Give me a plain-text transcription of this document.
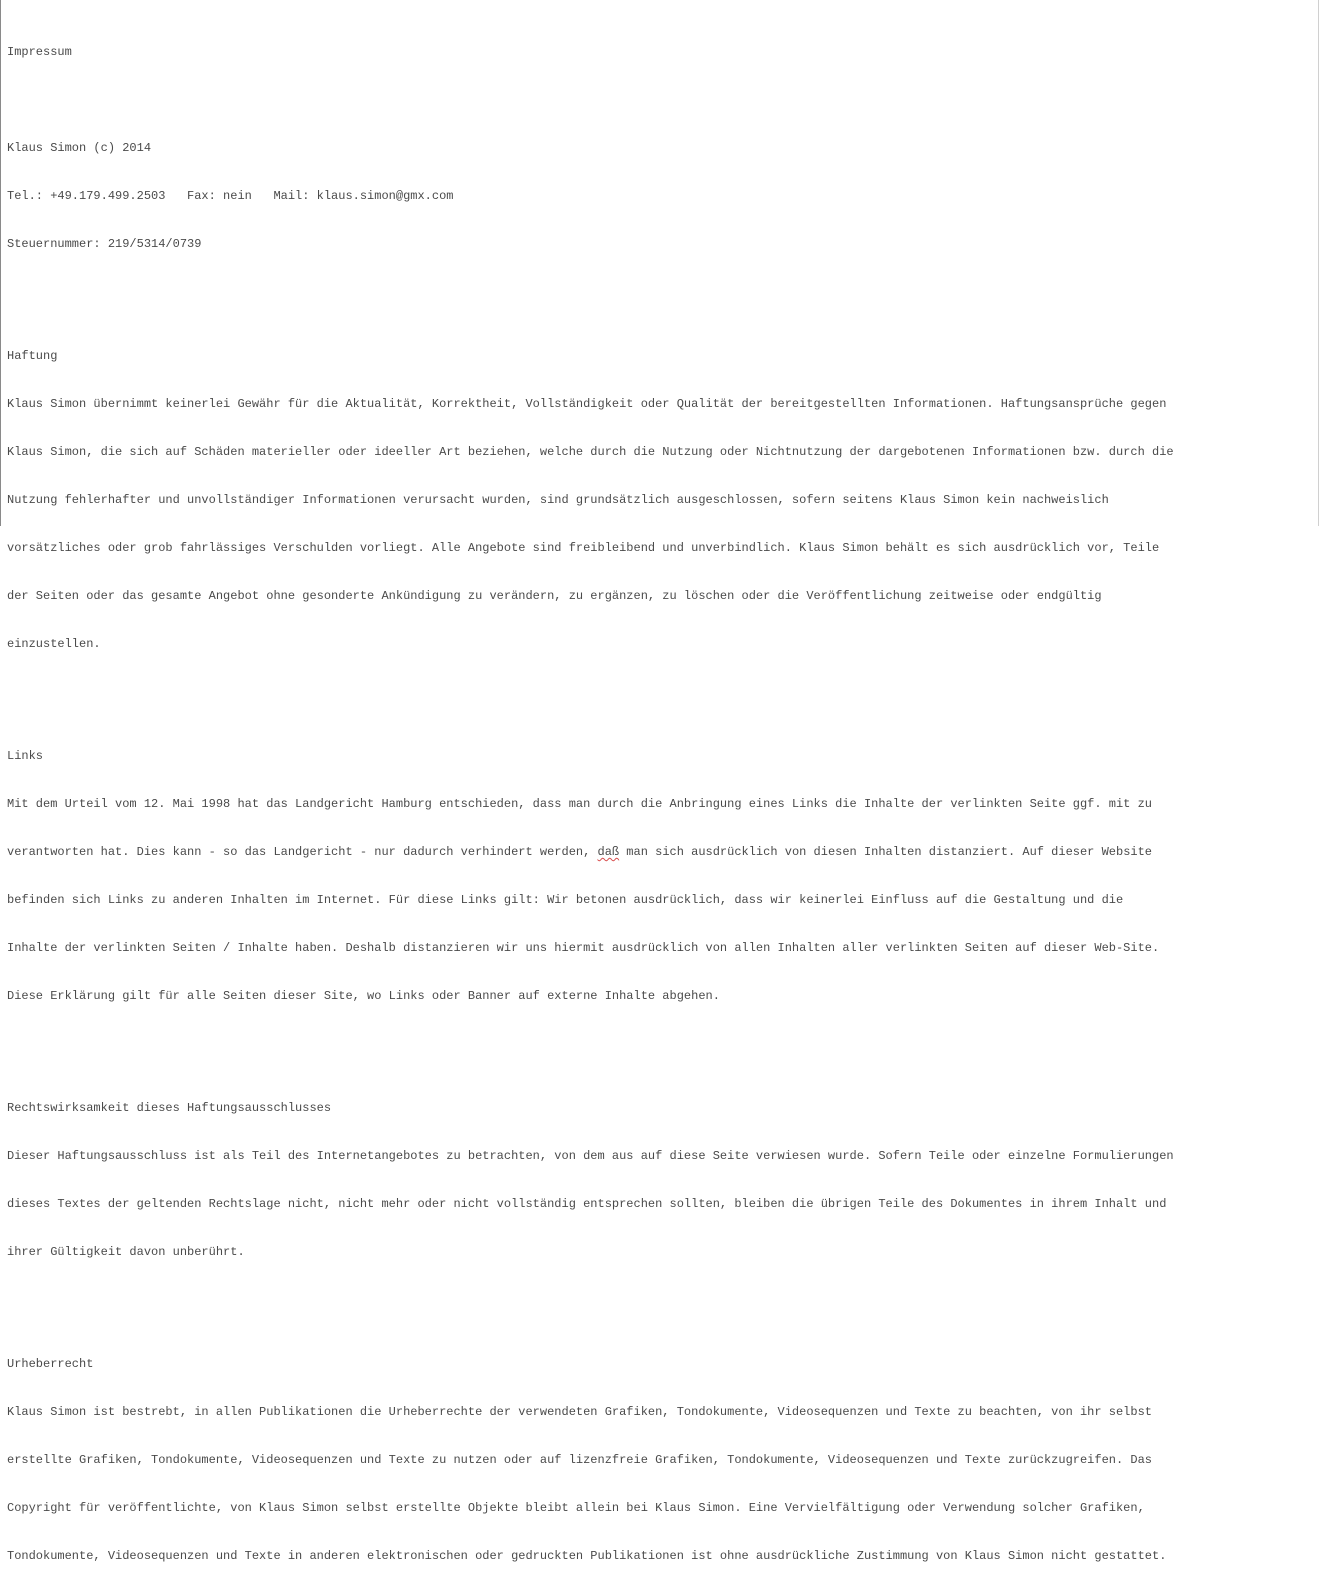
Impressum

Klaus Simon (c) 2014

Tel.: +49.179.499.2503   Fax: nein   Mail: klaus.simon@gmx.com

Steuernummer: 219/5314/0739

Haftung

Klaus Simon übernimmt keinerlei Gewähr für die Aktualität, Korrektheit, Vollständigkeit oder Qualität der bereitgestellten Informationen. Haftungsansprüche gegen

Klaus Simon, die sich auf Schäden materieller oder ideeller Art beziehen, welche durch die Nutzung oder Nichtnutzung der dargebotenen Informationen bzw. durch die

Nutzung fehlerhafter und unvollständiger Informationen verursacht wurden, sind grundsätzlich ausgeschlossen, sofern seitens Klaus Simon kein nachweislich

vorsätzliches oder grob fahrlässiges Verschulden vorliegt. Alle Angebote sind freibleibend und unverbindlich. Klaus Simon behält es sich ausdrücklich vor, Teile

der Seiten oder das gesamte Angebot ohne gesonderte Ankündigung zu verändern, zu ergänzen, zu löschen oder die Veröffentlichung zeitweise oder endgültig

einzustellen.

Links

Mit dem Urteil vom 12. Mai 1998 hat das Landgericht Hamburg entschieden, dass man durch die Anbringung eines Links die Inhalte der verlinkten Seite ggf. mit zu

verantworten hat. Dies kann - so das Landgericht - nur dadurch verhindert werden, daß man sich ausdrücklich von diesen Inhalten distanziert. Auf dieser Website

befinden sich Links zu anderen Inhalten im Internet. Für diese Links gilt: Wir betonen ausdrücklich, dass wir keinerlei Einfluss auf die Gestaltung und die

Inhalte der verlinkten Seiten / Inhalte haben. Deshalb distanzieren wir uns hiermit ausdrücklich von allen Inhalten aller verlinkten Seiten auf dieser Web-Site.

Diese Erklärung gilt für alle Seiten dieser Site, wo Links oder Banner auf externe Inhalte abgehen.

Rechtswirksamkeit dieses Haftungsausschlusses

Dieser Haftungsausschluss ist als Teil des Internetangebotes zu betrachten, von dem aus auf diese Seite verwiesen wurde. Sofern Teile oder einzelne Formulierungen

dieses Textes der geltenden Rechtslage nicht, nicht mehr oder nicht vollständig entsprechen sollten, bleiben die übrigen Teile des Dokumentes in ihrem Inhalt und

ihrer Gültigkeit davon unberührt.

Urheberrecht

Klaus Simon ist bestrebt, in allen Publikationen die Urheberrechte der verwendeten Grafiken, Tondokumente, Videosequenzen und Texte zu beachten, von ihr selbst

erstellte Grafiken, Tondokumente, Videosequenzen und Texte zu nutzen oder auf lizenzfreie Grafiken, Tondokumente, Videosequenzen und Texte zurückzugreifen. Das

Copyright für veröffentlichte, von Klaus Simon selbst erstellte Objekte bleibt allein bei Klaus Simon. Eine Vervielfältigung oder Verwendung solcher Grafiken,

Tondokumente, Videosequenzen und Texte in anderen elektronischen oder gedruckten Publikationen ist ohne ausdrückliche Zustimmung von Klaus Simon nicht gestattet.
